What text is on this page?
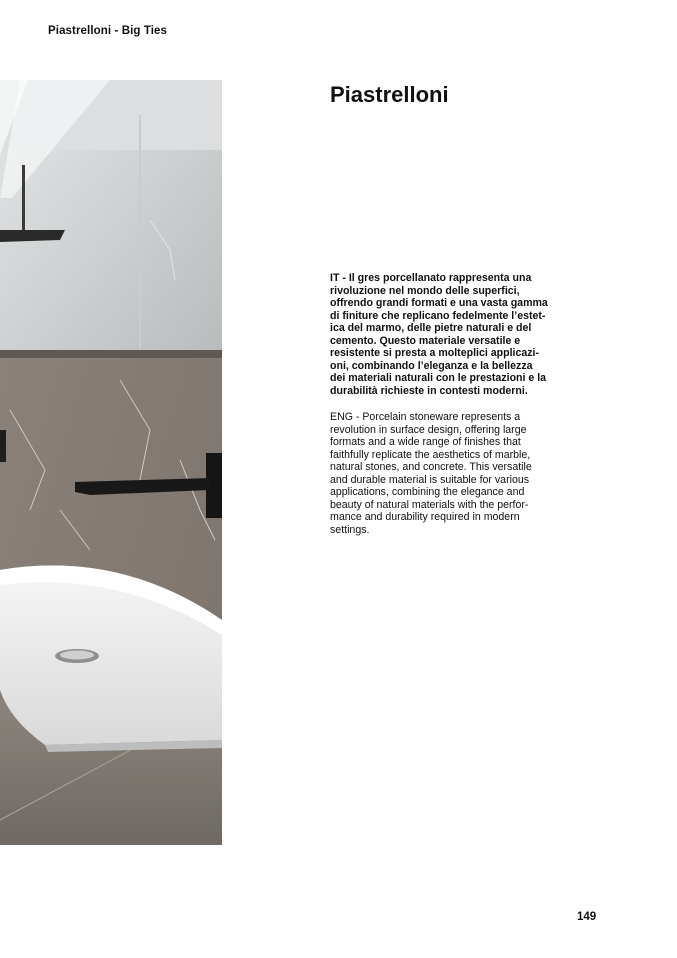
Piastrelloni - Big Ties
Piastrelloni
IT - Il gres porcellanato rappresenta una
rivoluzione nel mondo delle superfici,
offrendo grandi formati e una vasta gamma
di finiture che replicano fedelmente l’estet-
ica del marmo, delle pietre naturali e del
cemento. Questo materiale versatile e
resistente si presta a molteplici applicazi-
oni, combinando l’eleganza e la bellezza
dei materiali naturali con le prestazioni e la
durabilità richieste in contesti moderni.
ENG - Porcelain stoneware represents a
revolution in surface design, offering large
formats and a wide range of finishes that
faithfully replicate the aesthetics of marble,
natural stones, and concrete. This versatile
and durable material is suitable for various
applications, combining the elegance and
beauty of natural materials with the perfor-
mance and durability required in modern
settings.
149
